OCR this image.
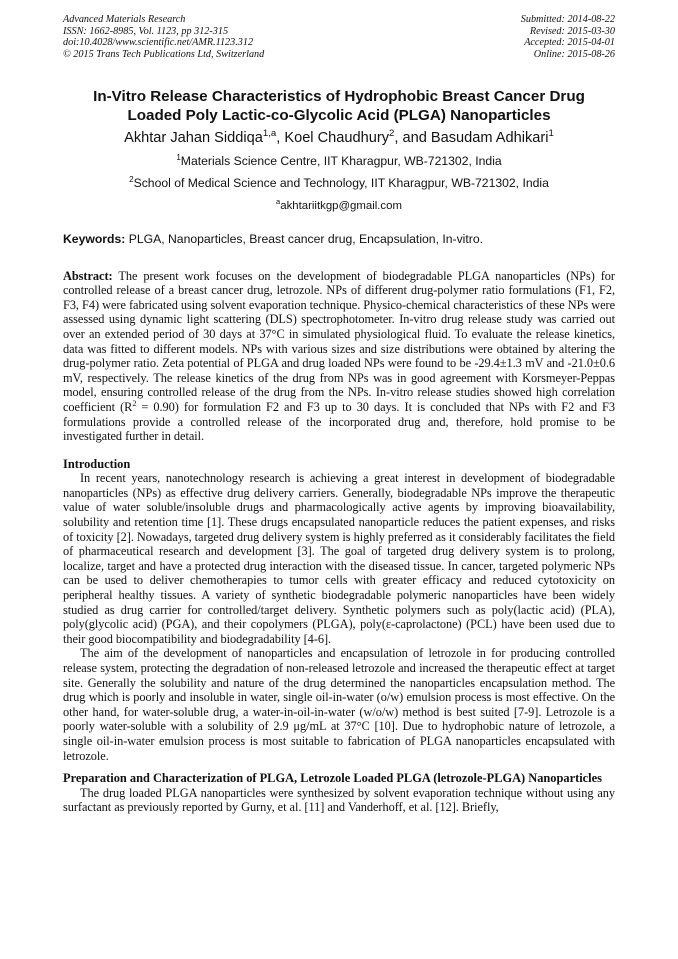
Advanced Materials Research
ISSN: 1662-8985, Vol. 1123, pp 312-315
doi:10.4028/www.scientific.net/AMR.1123.312
© 2015 Trans Tech Publications Ltd, Switzerland
Submitted: 2014-08-22
Revised: 2015-03-30
Accepted: 2015-04-01
Online: 2015-08-26
In-Vitro Release Characteristics of Hydrophobic Breast Cancer Drug
Loaded Poly Lactic-co-Glycolic Acid (PLGA) Nanoparticles
Akhtar Jahan Siddiqa$^{1,a}$, Koel Chaudhury$^2$, and Basudam Adhikari$^1$
$^1$Materials Science Centre, IIT Kharagpur, WB-721302, India
$^2$School of Medical Science and Technology, IIT Kharagpur, WB-721302, India
$^a$akhtariitkgp@gmail.com
Keywords: PLGA, Nanoparticles, Breast cancer drug, Encapsulation, In-vitro.

Abstract: The present work focuses on the development of biodegradable PLGA nanoparticles (NPs) for controlled release of a breast cancer drug, letrozole. NPs of different drug-polymer ratio formulations (F1, F2, F3, F4) were fabricated using solvent evaporation technique. Physico-chemical characteristics of these NPs were assessed using dynamic light scattering (DLS) spectrophotometer. In-vitro drug release study was carried out over an extended period of 30 days at 37°C in simulated physiological fluid. To evaluate the release kinetics, data was fitted to different models. NPs with various sizes and size distributions were obtained by altering the drug-polymer ratio. Zeta potential of PLGA and drug loaded NPs were found to be -29.4±1.3 mV and -21.0±0.6 mV, respectively. The release kinetics of the drug from NPs was in good agreement with Korsmeyer-Peppas model, ensuring controlled release of the drug from the NPs. In-vitro release studies showed high correlation coefficient $(R^2 = 0.90)$ for formulation F2 and F3 up to 30 days. It is concluded that NPs with F2 and F3 formulations provide a controlled release of the incorporated drug and, therefore, hold promise to be investigated further in detail.

Introduction

In recent years, nanotechnology research is achieving a great interest in development of biodegradable nanoparticles (NPs) as effective drug delivery carriers. Generally, biodegradable NPs improve the therapeutic value of water soluble/insoluble drugs and pharmacologically active agents by improving bioavailability, solubility and retention time [1]. These drugs encapsulated nanoparticle reduces the patient expenses, and risks of toxicity [2]. Nowadays, targeted drug delivery system is highly preferred as it considerably facilitates the field of pharmaceutical research and development [3]. The goal of targeted drug delivery system is to prolong, localize, target and have a protected drug interaction with the diseased tissue. In cancer, targeted polymeric NPs can be used to deliver chemotherapies to tumor cells with greater efficacy and reduced cytotoxicity on peripheral healthy tissues. A variety of synthetic biodegradable polymeric nanoparticles have been widely studied as drug carrier for controlled/target delivery. Synthetic polymers such as poly(lactic acid) (PLA), poly(glycolic acid) (PGA), and their copolymers (PLGA), poly(ε-caprolactone) (PCL) have been used due to their good biocompatibility and biodegradability [4-6].

The aim of the development of nanoparticles and encapsulation of letrozole in for producing controlled release system, protecting the degradation of non-released letrozole and increased the therapeutic effect at target site. Generally the solubility and nature of the drug determined the nanoparticles encapsulation method. The drug which is poorly and insoluble in water, single oil-in-water (o/w) emulsion process is most effective. On the other hand, for water-soluble drug, a water-in-oil-in-water (w/o/w) method is best suited [7-9]. Letrozole is a poorly water-soluble with a solubility of 2.9 μg/mL at 37°C [10]. Due to hydrophobic nature of letrozole, a single oil-in-water emulsion process is most suitable to fabrication of PLGA nanoparticles encapsulated with letrozole.

Preparation and Characterization of PLGA, Letrozole Loaded PLGA (letrozole-PLGA) Nanoparticles

The drug loaded PLGA nanoparticles were synthesized by solvent evaporation technique without using any surfactant as previously reported by Gurny, et al. [11] and Vanderhoff, et al. [12]. Briefly,
